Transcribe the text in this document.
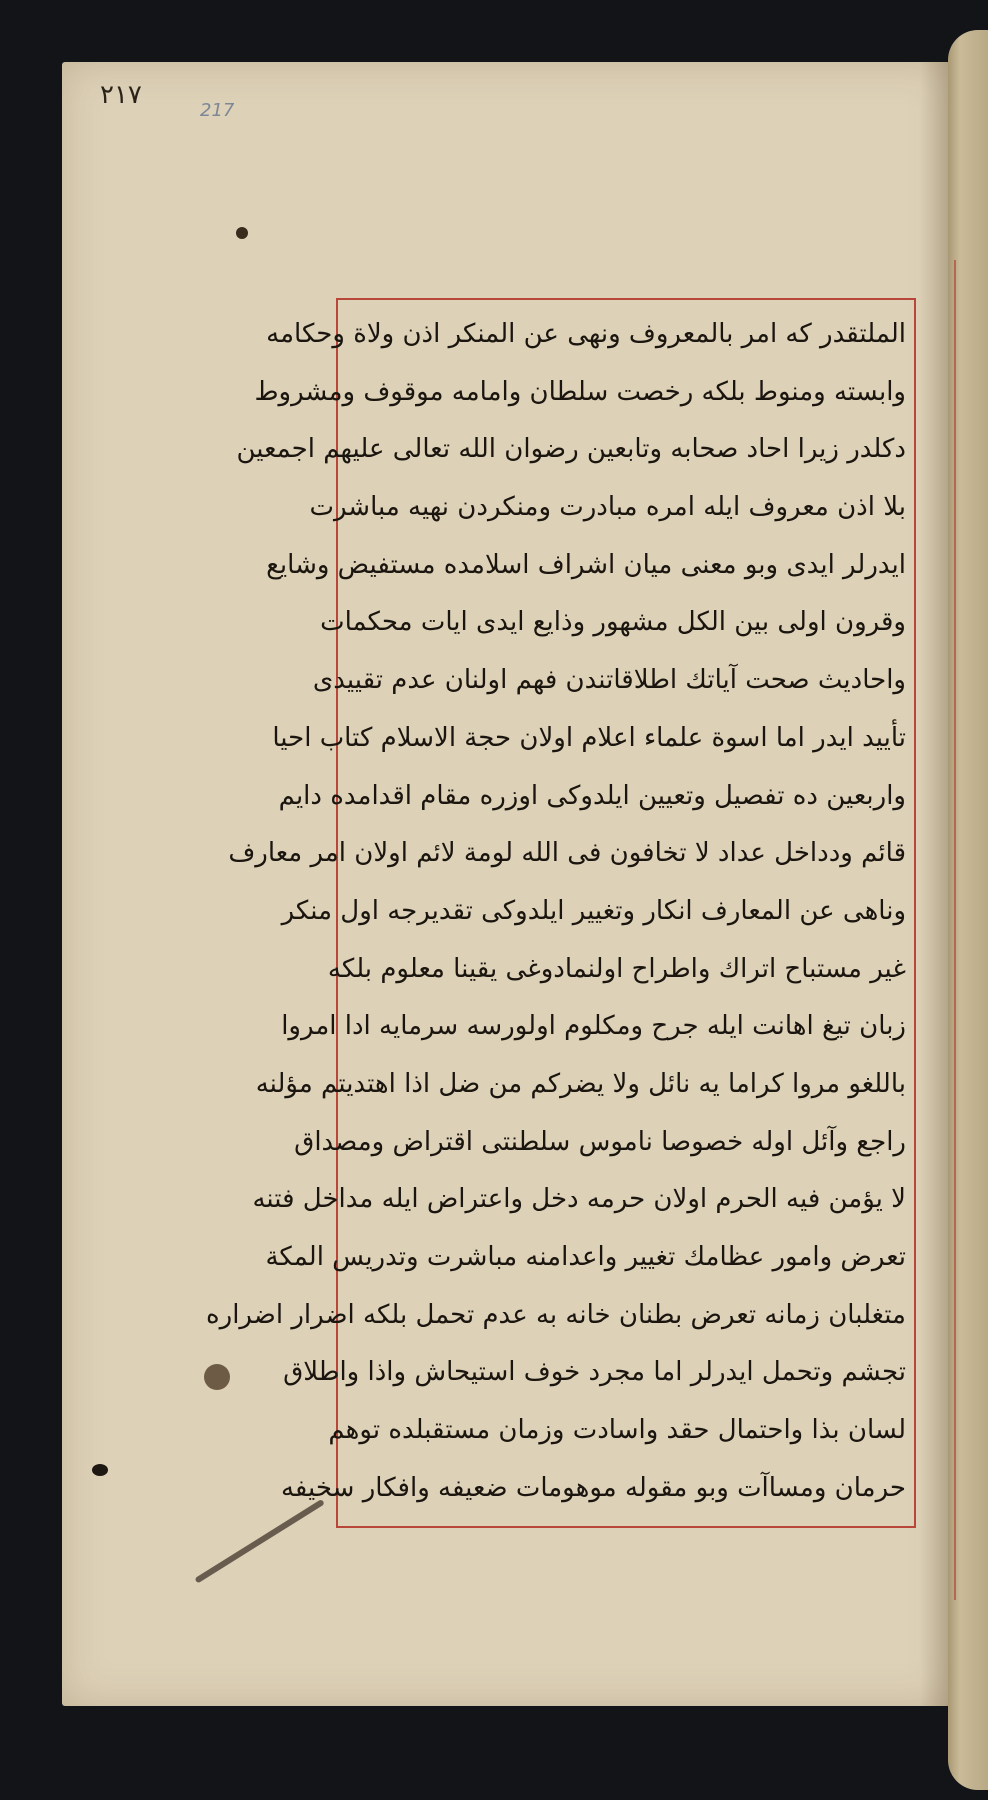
٢١٧
217
الملتقدر كه امر بالمعروف ونهى عن المنكر اذن ولاة وحكامه
وابسته ومنوط بلكه رخصت سلطان وامامه موقوف ومشروط
دكلدر زيرا احاد صحابه وتابعين رضوان الله تعالى عليهم اجمعين
بلا اذن معروف ايله امره مبادرت ومنكردن نهيه مباشرت
ايدرلر ايدى وبو معنى ميان اشراف اسلامده مستفيض وشايع
وقرون اولى بين الكل مشهور وذايع ايدى ايات محكمات
واحاديث صحت آياتك اطلاقاتندن فهم اولنان عدم تقييدى
تأييد ايدر اما اسوة علماء اعلام اولان حجة الاسلام كتاب احيا
واربعين ده تفصيل وتعيين ايلدوكى اوزره مقام اقدامده دايم
قائم ودداخل عداد لا تخافون فى الله لومة لائم اولان امر معارف
وناهى عن المعارف انكار وتغيير ايلدوكى تقديرجه اول منكر
غير مستباح اتراك واطراح اولنمادوغى يقينا معلوم بلكه
زبان تيغ اهانت ايله جرح ومكلوم اولورسه سرمايه ادا امروا
باللغو مروا كراما يه نائل ولا يضركم من ضل اذا اهتديتم مؤلنه
راجع وآئل اوله خصوصا ناموس سلطنتى اقتراض ومصداق
لا يؤمن فيه الحرم اولان حرمه دخل واعتراض ايله مداخل فتنه
تعرض وامور عظامك تغيير واعدامنه مباشرت وتدريس المكة
متغلبان زمانه تعرض بطنان خانه به عدم تحمل بلكه اضرار اضراره
تجشم وتحمل ايدرلر اما مجرد خوف استيحاش واذا واطلاق
لسان بذا واحتمال حقد واسادت وزمان مستقبلده توهم
حرمان ومساآت وبو مقوله موهومات ضعيفه وافكار سخيفه
